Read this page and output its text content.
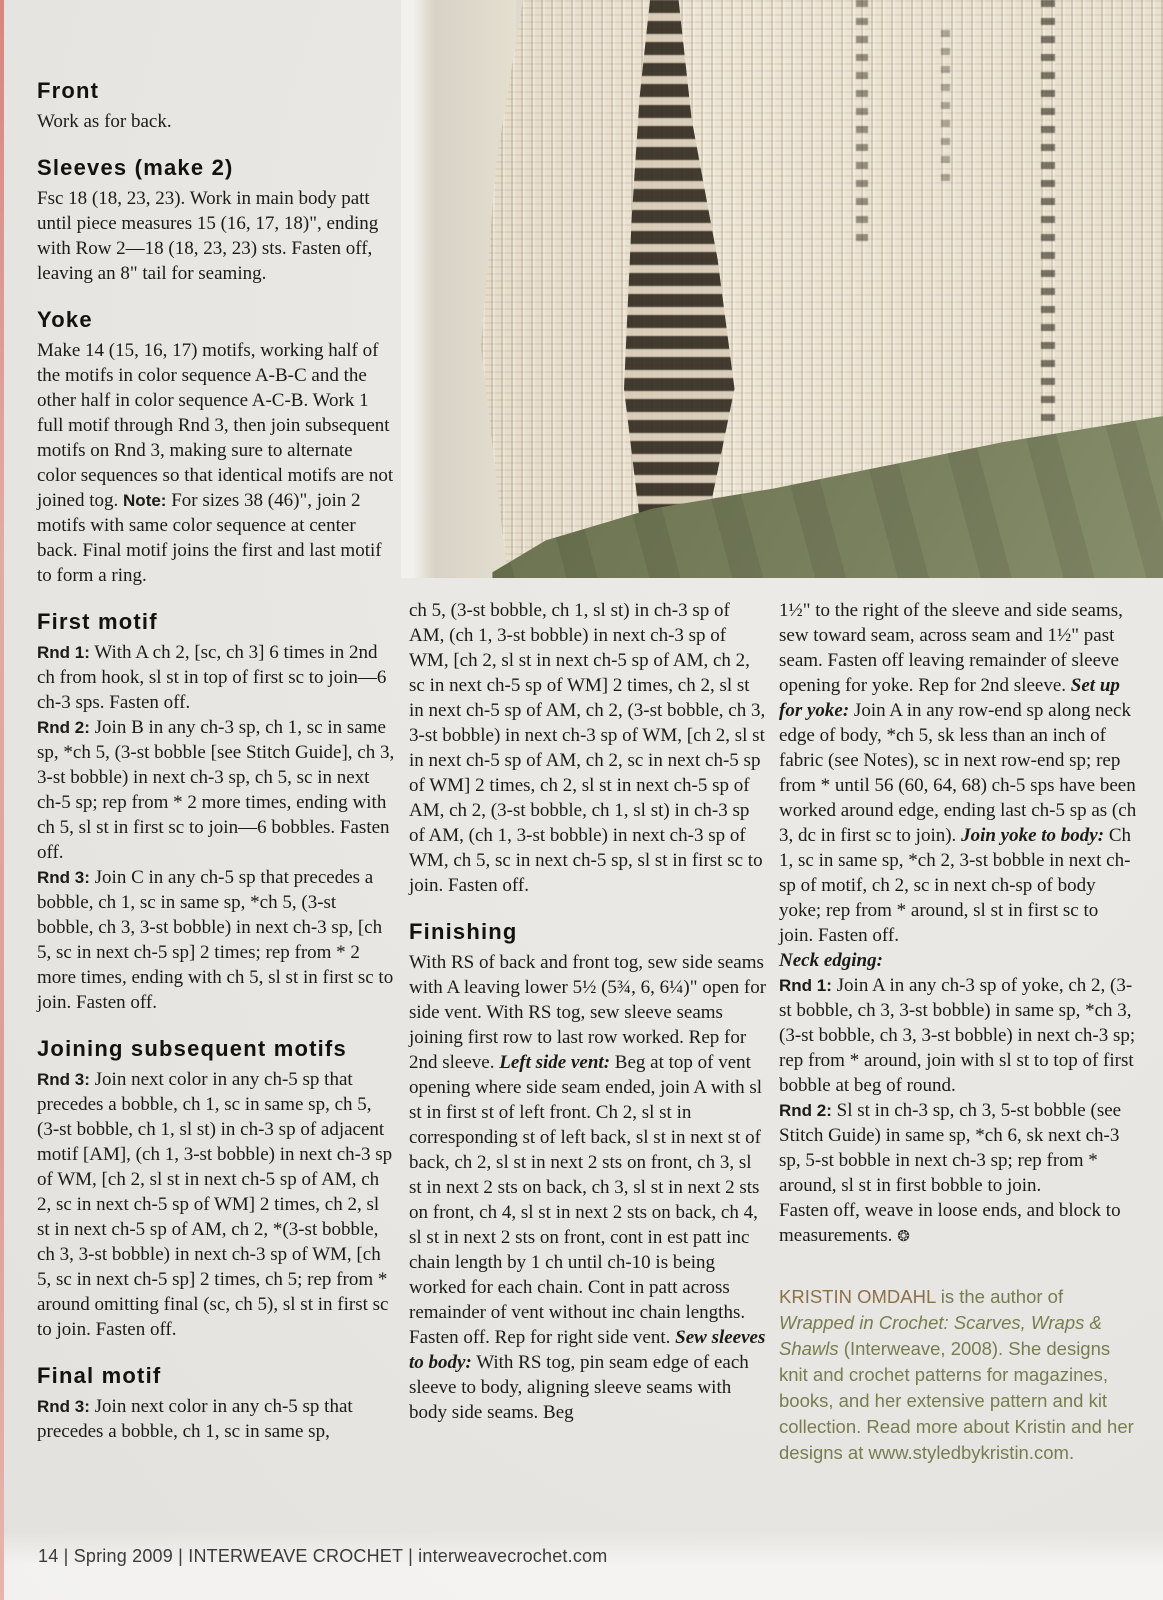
Front

Work as for back.

Sleeves (make 2)

Fsc 18 (18, 23, 23). Work in main body patt until piece measures 15 (16, 17, 18)", ending with Row 2—18 (18, 23, 23) sts. Fasten off, leaving an 8" tail for seaming.

Yoke

Make 14 (15, 16, 17) motifs, working half of the motifs in color sequence A-B-C and the other half in color sequence A-C-B. Work 1 full motif through Rnd 3, then join subsequent motifs on Rnd 3, making sure to alternate color sequences so that identical motifs are not joined tog. Note: For sizes 38 (46)", join 2 motifs with same color sequence at center back. Final motif joins the first and last motif to form a ring.

First motif

Rnd 1: With A ch 2, [sc, ch 3] 6 times in 2nd ch from hook, sl st in top of first sc to join—6 ch-3 sps. Fasten off.

Rnd 2: Join B in any ch-3 sp, ch 1, sc in same sp, *ch 5, (3-st bobble [see Stitch Guide], ch 3, 3-st bobble) in next ch-3 sp, ch 5, sc in next ch-5 sp; rep from * 2 more times, ending with ch 5, sl st in first sc to join—6 bobbles. Fasten off.

Rnd 3: Join C in any ch-5 sp that precedes a bobble, ch 1, sc in same sp, *ch 5, (3-st bobble, ch 3, 3-st bobble) in next ch-3 sp, [ch 5, sc in next ch-5 sp] 2 times; rep from * 2 more times, ending with ch 5, sl st in first sc to join. Fasten off.

Joining subsequent motifs

Rnd 3: Join next color in any ch-5 sp that precedes a bobble, ch 1, sc in same sp, ch 5, (3-st bobble, ch 1, sl st) in ch-3 sp of adjacent motif [AM], (ch 1, 3-st bobble) in next ch-3 sp of WM, [ch 2, sl st in next ch-5 sp of AM, ch 2, sc in next ch-5 sp of WM] 2 times, ch 2, sl st in next ch-5 sp of AM, ch 2, *(3-st bobble, ch 3, 3-st bobble) in next ch-3 sp of WM, [ch 5, sc in next ch-5 sp] 2 times, ch 5; rep from * around omitting final (sc, ch 5), sl st in first sc to join. Fasten off.

Final motif

Rnd 3: Join next color in any ch-5 sp that precedes a bobble, ch 1, sc in same sp,

ch 5, (3-st bobble, ch 1, sl st) in ch-3 sp of AM, (ch 1, 3-st bobble) in next ch-3 sp of WM, [ch 2, sl st in next ch-5 sp of AM, ch 2, sc in next ch-5 sp of WM] 2 times, ch 2, sl st in next ch-5 sp of AM, ch 2, (3-st bobble, ch 3, 3-st bobble) in next ch-3 sp of WM, [ch 2, sl st in next ch-5 sp of AM, ch 2, sc in next ch-5 sp of WM] 2 times, ch 2, sl st in next ch-5 sp of AM, ch 2, (3-st bobble, ch 1, sl st) in ch-3 sp of AM, (ch 1, 3-st bobble) in next ch-3 sp of WM, ch 5, sc in next ch-5 sp, sl st in first sc to join. Fasten off.

Finishing

With RS of back and front tog, sew side seams with A leaving lower 5½ (5¾, 6, 6¼)" open for side vent. With RS tog, sew sleeve seams joining first row to last row worked. Rep for 2nd sleeve. Left side vent: Beg at top of vent opening where side seam ended, join A with sl st in first st of left front. Ch 2, sl st in corresponding st of left back, sl st in next st of back, ch 2, sl st in next 2 sts on front, ch 3, sl st in next 2 sts on back, ch 3, sl st in next 2 sts on front, ch 4, sl st in next 2 sts on back, ch 4, sl st in next 2 sts on front, cont in est patt inc chain length by 1 ch until ch-10 is being worked for each chain. Cont in patt across remainder of vent without inc chain lengths. Fasten off. Rep for right side vent. Sew sleeves to body: With RS tog, pin seam edge of each sleeve to body, aligning sleeve seams with body side seams. Beg

1½" to the right of the sleeve and side seams, sew toward seam, across seam and 1½" past seam. Fasten off leaving remainder of sleeve opening for yoke. Rep for 2nd sleeve. Set up for yoke: Join A in any row-end sp along neck edge of body, *ch 5, sk less than an inch of fabric (see Notes), sc in next row-end sp; rep from * until 56 (60, 64, 68) ch-5 sps have been worked around edge, ending last ch-5 sp as (ch 3, dc in first sc to join). Join yoke to body: Ch 1, sc in same sp, *ch 2, 3-st bobble in next ch-sp of motif, ch 2, sc in next ch-sp of body yoke; rep from * around, sl st in first sc to join. Fasten off.

Neck edging:

Rnd 1: Join A in any ch-3 sp of yoke, ch 2, (3-st bobble, ch 3, 3-st bobble) in same sp, *ch 3, (3-st bobble, ch 3, 3-st bobble) in next ch-3 sp; rep from * around, join with sl st to top of first bobble at beg of round.

Rnd 2: Sl st in ch-3 sp, ch 3, 5-st bobble (see Stitch Guide) in same sp, *ch 6, sk next ch-3 sp, 5-st bobble in next ch-3 sp; rep from * around, sl st in first bobble to join.

Fasten off, weave in loose ends, and block to measurements. ❂

KRISTIN OMDAHL is the author of Wrapped in Crochet: Scarves, Wraps & Shawls (Interweave, 2008). She designs knit and crochet patterns for magazines, books, and her extensive pattern and kit collection. Read more about Kristin and her designs at www.styledbykristin.com.

14 | Spring 2009 | INTERWEAVE CROCHET | interweavecrochet.com
